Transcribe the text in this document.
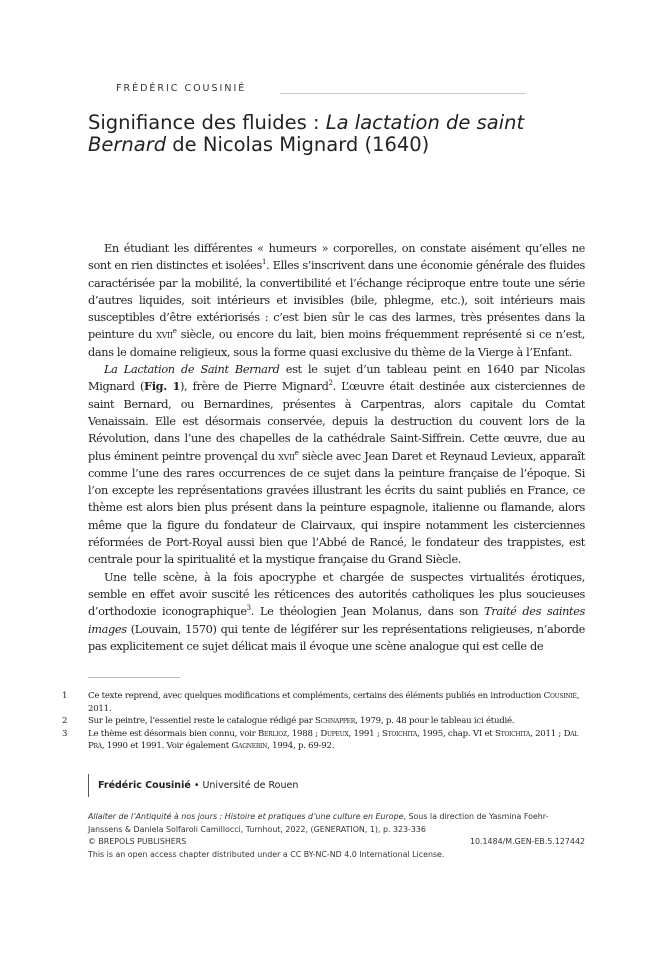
FRÉDÉRIC COUSINIÉ
Signifiance des fluides : La lactation de saint Bernard de Nicolas Mignard (1640)

En étudiant les différentes « humeurs » corporelles, on constate aisément qu’elles ne sont en rien distinctes et isolées$^1$. Elles s’inscrivent dans une économie générale des fluides caractérisée par la mobilité, la convertibilité et l’échange réciproque entre toute une série d’autres liquides, soit intérieurs et invisibles (bile, phlegme, etc.), soit intérieurs mais susceptibles d’être extériorisés : c’est bien sûr le cas des larmes, très présentes dans la peinture du xvii$^e$ siècle, ou encore du lait, bien moins fréquemment représenté si ce n’est, dans le domaine religieux, sous la forme quasi exclusive du thème de la Vierge à l’Enfant.

La Lactation de Saint Bernard est le sujet d’un tableau peint en 1640 par Nicolas Mignard (Fig. 1), frère de Pierre Mignard$^2$. L’œuvre était destinée aux cisterciennes de saint Bernard, ou Bernardines, présentes à Carpentras, alors capitale du Comtat Venaissain. Elle est désormais conservée, depuis la destruction du couvent lors de la Révolution, dans l’une des chapelles de la cathédrale Saint-Siffrein. Cette œuvre, due au plus éminent peintre provençal du xvii$^e$ siècle avec Jean Daret et Reynaud Levieux, apparaît comme l’une des rares occurrences de ce sujet dans la peinture française de l’époque. Si l’on excepte les représentations gravées illustrant les écrits du saint publiés en France, ce thème est alors bien plus présent dans la peinture espagnole, italienne ou flamande, alors même que la figure du fondateur de Clairvaux, qui inspire notamment les cisterciennes réformées de Port-Royal aussi bien que l’Abbé de Rancé, le fondateur des trappistes, est centrale pour la spiritualité et la mystique française du Grand Siècle.

Une telle scène, à la fois apocryphe et chargée de suspectes virtualités érotiques, semble en effet avoir suscité les réticences des autorités catholiques les plus soucieuses d’orthodoxie iconographique$^3$. Le théologien Jean Molanus, dans son Traité des saintes images (Louvain, 1570) qui tente de légiférer sur les représentations religieuses, n’aborde pas explicitement ce sujet délicat mais il évoque une scène analogue qui est celle de

1	Ce texte reprend, avec quelques modifications et compléments, certains des éléments publiés en introduction Cousinié, 2011.
2	Sur le peintre, l’essentiel reste le catalogue rédigé par Schnapper, 1979, p. 48 pour le tableau ici étudié.
3	Le thème est désormais bien connu, voir Berlioz, 1988 ; Dupeux, 1991 ; Stoichita, 1995, chap. VI et Stoichita, 2011 ; Dal Prà, 1990 et 1991. Voir également Gagnebin, 1994, p. 69-92.
Frédéric Cousinié • Université de Rouen
Allaiter de l’Antiquité à nos jours : Histoire et pratiques d’une culture en Europe, Sous la direction de Yasmina Foehr-
Janssens & Daniela Solfaroli Camillocci, Turnhout, 2022, (GENERATION, 1), p. 323-336
© BREPOLS PUBLISHERS	10.1484/M.GEN-EB.5.127442
This is an open access chapter distributed under a CC BY-NC-ND 4.0 International License.
